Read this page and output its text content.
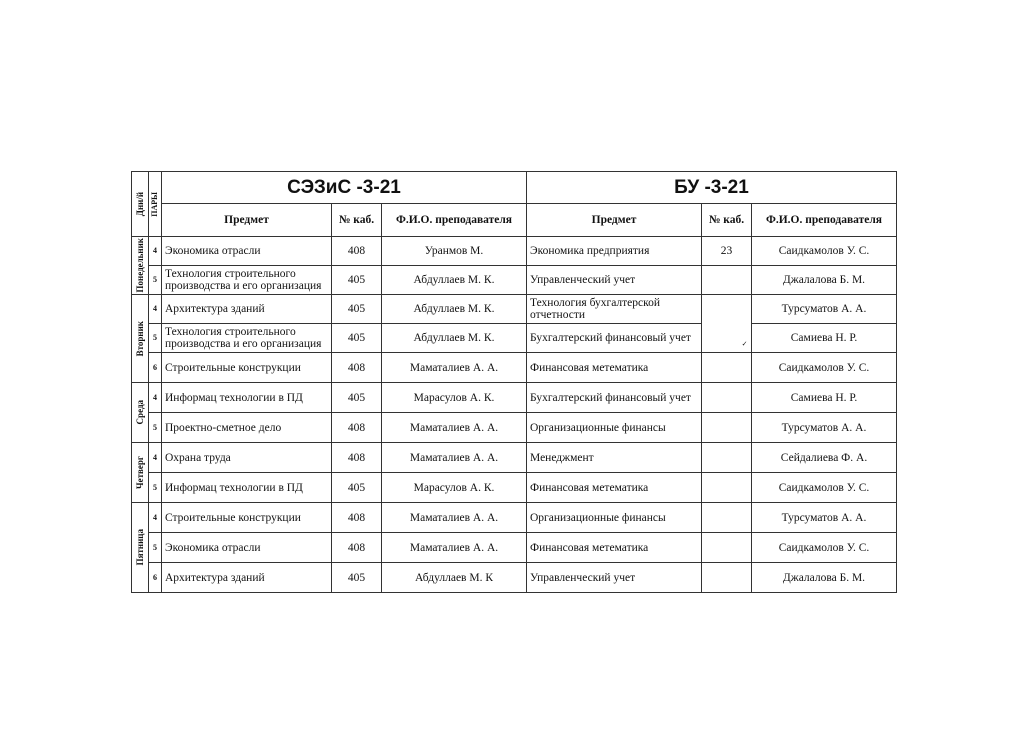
Дни/й	ПАРЫ	СЭЗиС -3-21			БУ -3-21		
		Предмет	№ каб.	Ф.И.О. преподавателя	Предмет	№ каб.	Ф.И.О. преподавателя

Понедельник	4	Экономика отрасли	408	Уранмов М.	Экономика предприятия	23	Саидкамолов У. С.
	5	Технология строительного производства и его организация	405	Абдуллаев М. К.	Управленческий учет		Джалалова Б. М.

Вторник	4	Архитектура зданий	405	Абдуллаев М. К.	Технология бухгалтерской отчетности		Турсуматов А. А.
	5	Технология строительного производства и его организация	405	Абдуллаев М. К.	Бухгалтерский финансовый учет	$_✓$	Самиева Н. Р.
	6	Строительные конструкции	408	Маматалиев А. А.	Финансовая метематика		Саидкамолов У. С.

Среда	4	Информац технологии в ПД	405	Марасулов А. К.	Бухгалтерский финансовый учет		Самиева Н. Р.
	5	Проектно-сметное дело	408	Маматалиев А. А.	Организационные финансы		Турсуматов А. А.

Четверг	4	Охрана труда	408	Маматалиев А. А.	Менеджмент		Сейдалиева Ф. А.
	5	Информац технологии в ПД	405	Марасулов А. К.	Финансовая метематика		Саидкамолов У. С.

Пятница	4	Строительные конструкции	408	Маматалиев А. А.	Организационные финансы		Турсуматов А. А.
	5	Экономика отрасли	408	Маматалиев А. А.	Финансовая метематика		Саидкамолов У. С.
	6	Архитектура зданий	405	Абдуллаев М. К	Управленческий учет		Джалалова Б. М.
